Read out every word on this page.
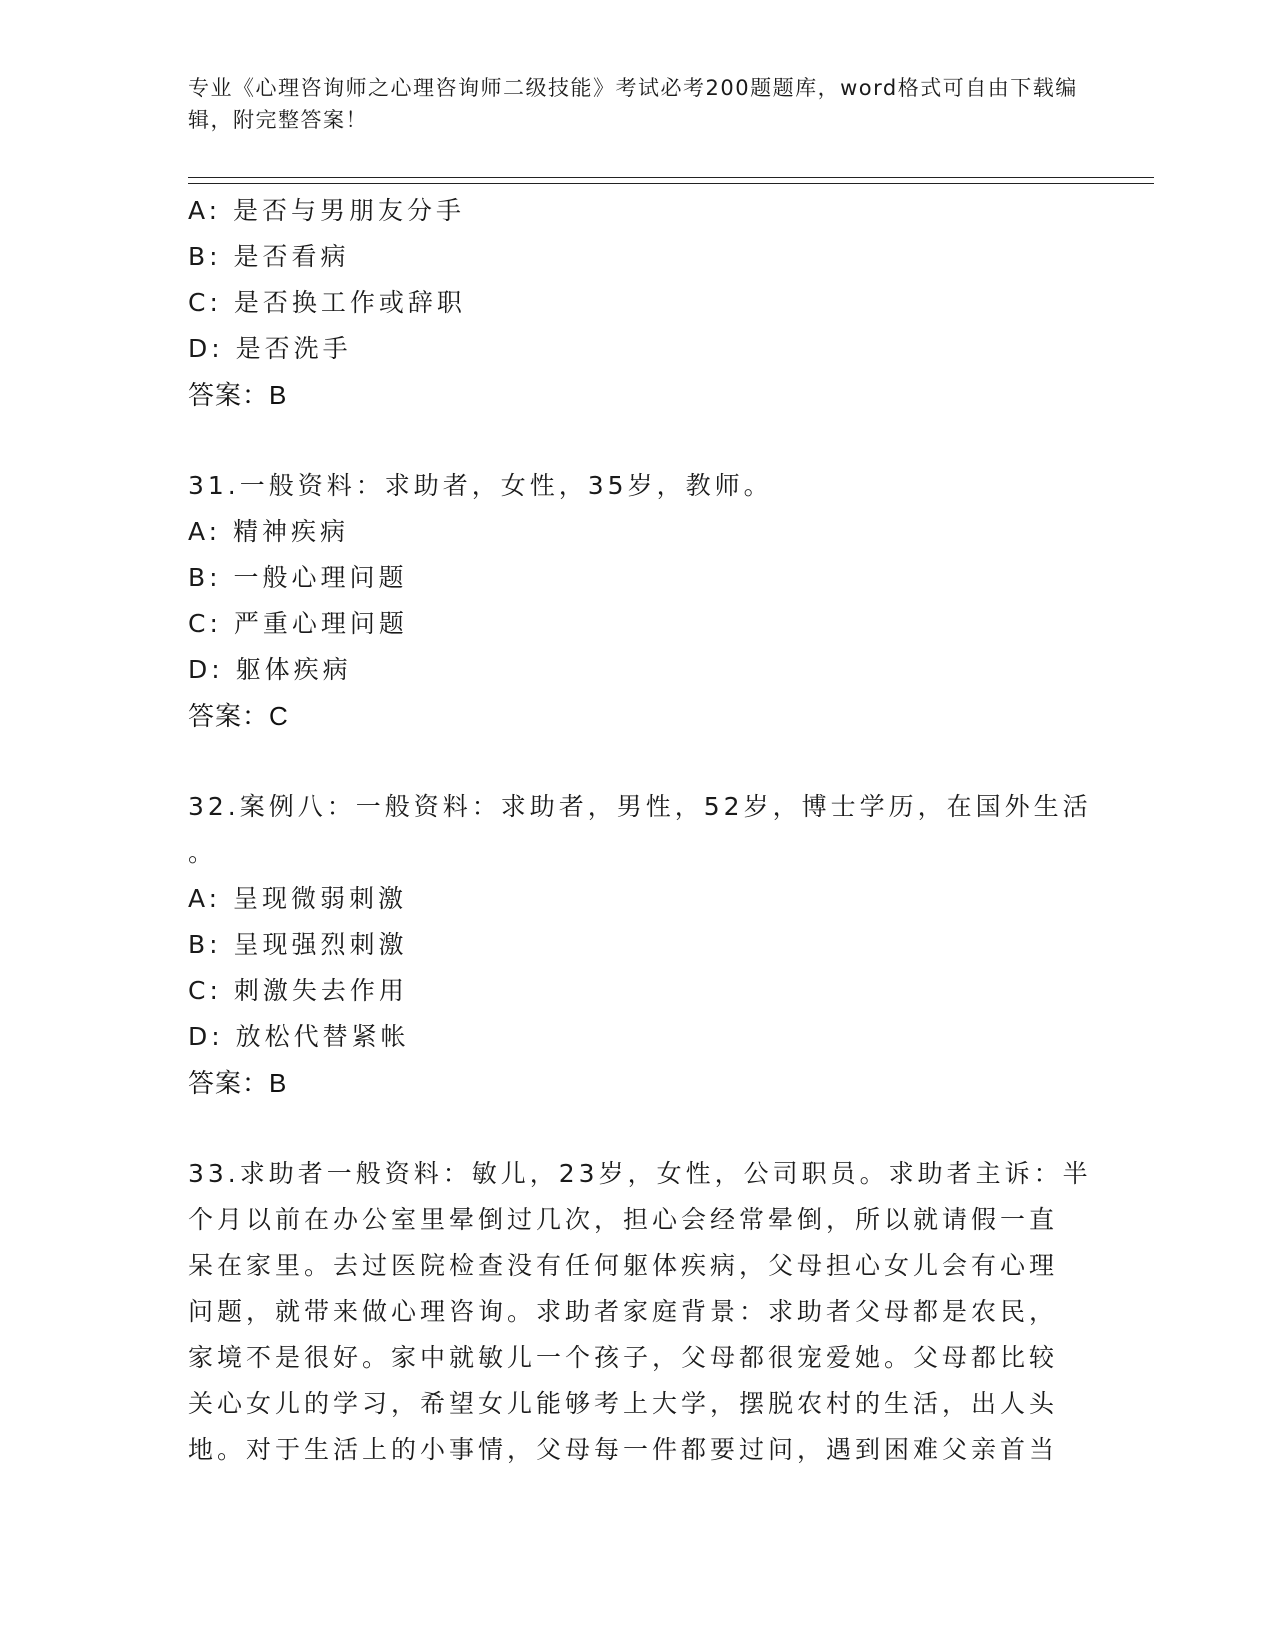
专业《心理咨询师之心理咨询师二级技能》考试必考200题题库，word格式可自由下载编辑，附完整答案！
A: 是否与男朋友分手
B: 是否看病
C: 是否换工作或辞职
D: 是否洗手
答案：B
31.一般资料：求助者，女性，35岁，教师。
A: 精神疾病
B: 一般心理问题
C: 严重心理问题
D: 躯体疾病
答案：C
32.案例八：一般资料：求助者，男性，52岁，博士学历，在国外生活
。
A: 呈现微弱刺激
B: 呈现强烈刺激
C: 刺激失去作用
D: 放松代替紧帐
答案：B
33.求助者一般资料：敏儿，23岁，女性，公司职员。求助者主诉：半
个月以前在办公室里晕倒过几次，担心会经常晕倒，所以就请假一直
呆在家里。去过医院检查没有任何躯体疾病，父母担心女儿会有心理
问题，就带来做心理咨询。求助者家庭背景：求助者父母都是农民，
家境不是很好。家中就敏儿一个孩子，父母都很宠爱她。父母都比较
关心女儿的学习，希望女儿能够考上大学，摆脱农村的生活，出人头
地。对于生活上的小事情，父母每一件都要过问，遇到困难父亲首当
